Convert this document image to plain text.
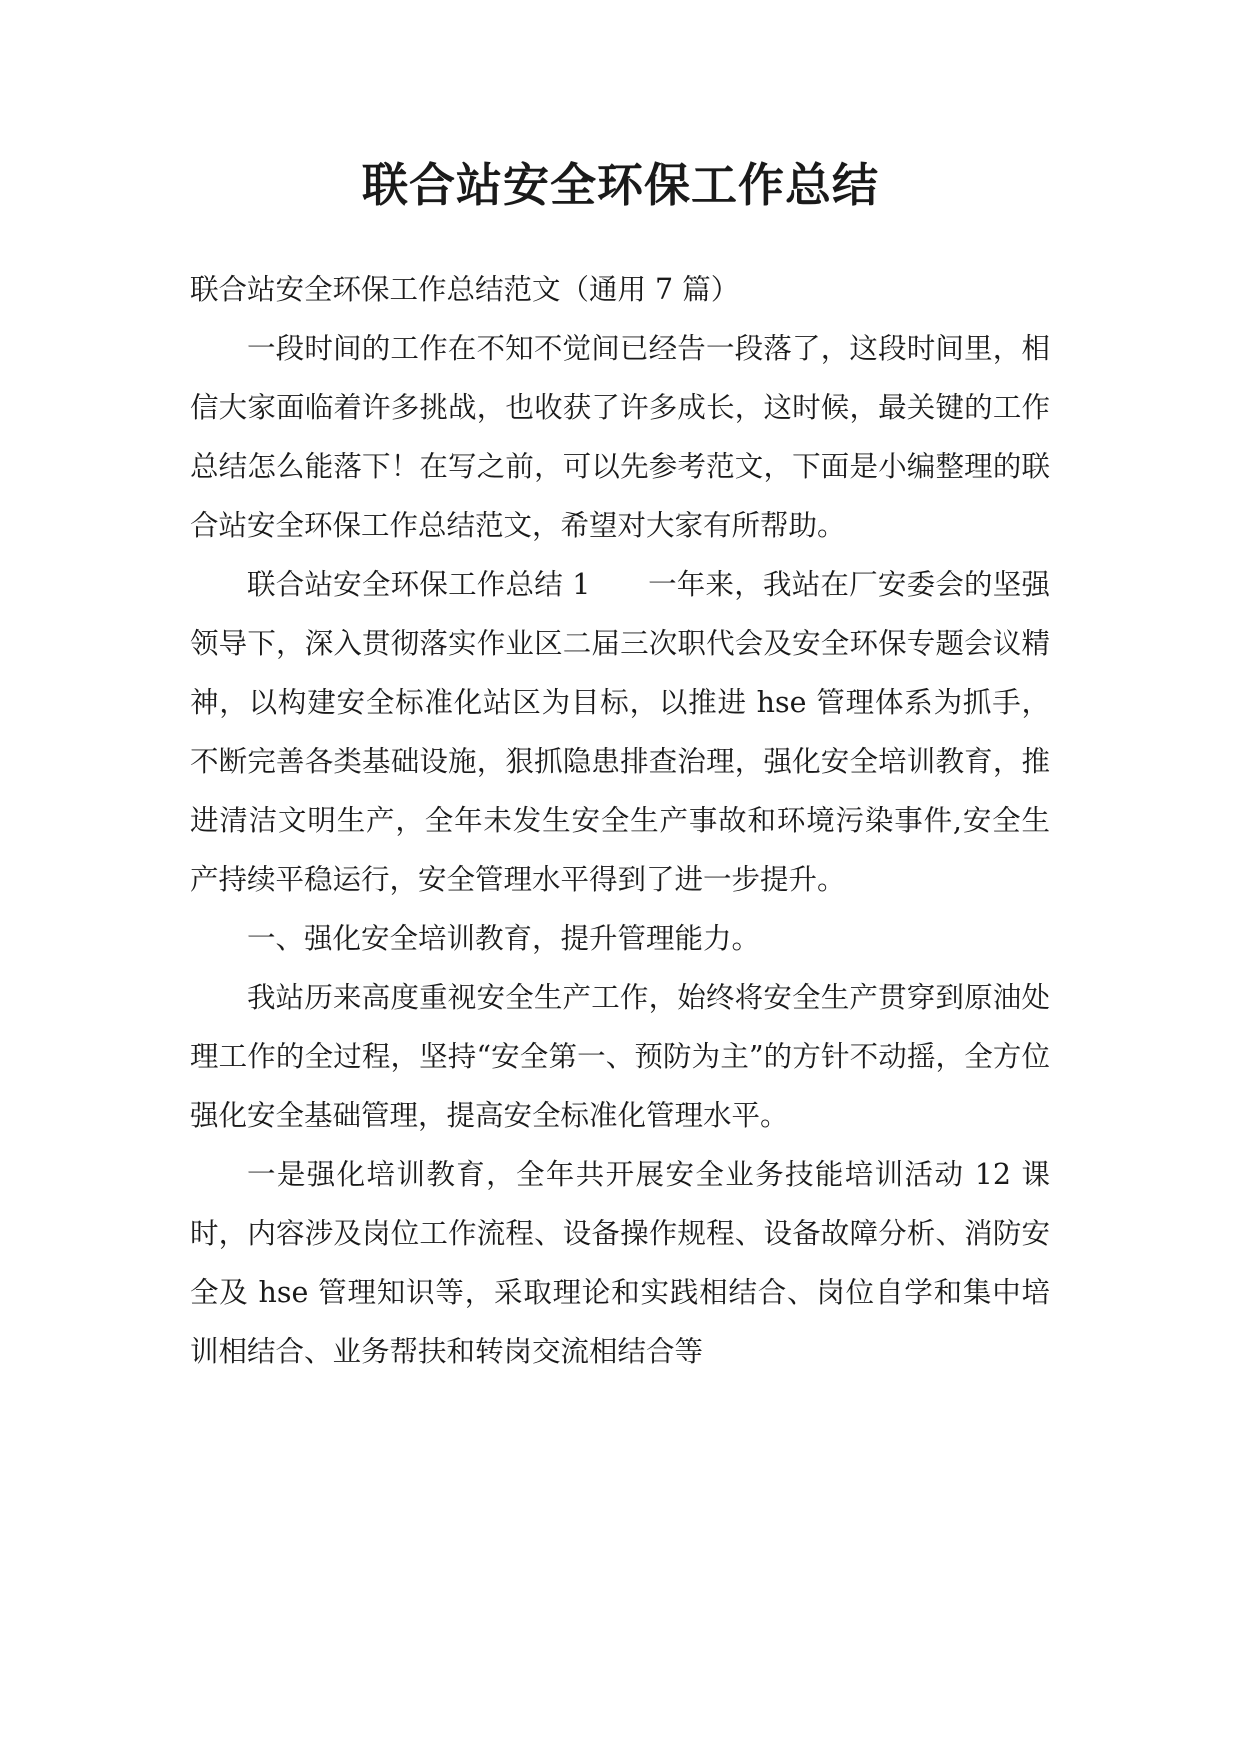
联合站安全环保工作总结

联合站安全环保工作总结范文（通用 7 篇）

一段时间的工作在不知不觉间已经告一段落了，这段时间里，相信大家面临着许多挑战，也收获了许多成长，这时候，最关键的工作总结怎么能落下！在写之前，可以先参考范文，下面是小编整理的联合站安全环保工作总结范文，希望对大家有所帮助。

联合站安全环保工作总结 1　　一年来，我站在厂安委会的坚强领导下，深入贯彻落实作业区二届三次职代会及安全环保专题会议精神，以构建安全标准化站区为目标，以推进 hse 管理体系为抓手，不断完善各类基础设施，狠抓隐患排查治理，强化安全培训教育，推进清洁文明生产，全年未发生安全生产事故和环境污染事件,安全生产持续平稳运行，安全管理水平得到了进一步提升。

一、强化安全培训教育，提升管理能力。

我站历来高度重视安全生产工作，始终将安全生产贯穿到原油处理工作的全过程，坚持“安全第一、预防为主”的方针不动摇，全方位强化安全基础管理，提高安全标准化管理水平。

一是强化培训教育，全年共开展安全业务技能培训活动 12 课时，内容涉及岗位工作流程、设备操作规程、设备故障分析、消防安全及 hse 管理知识等，采取理论和实践相结合、岗位自学和集中培训相结合、业务帮扶和转岗交流相结合等
